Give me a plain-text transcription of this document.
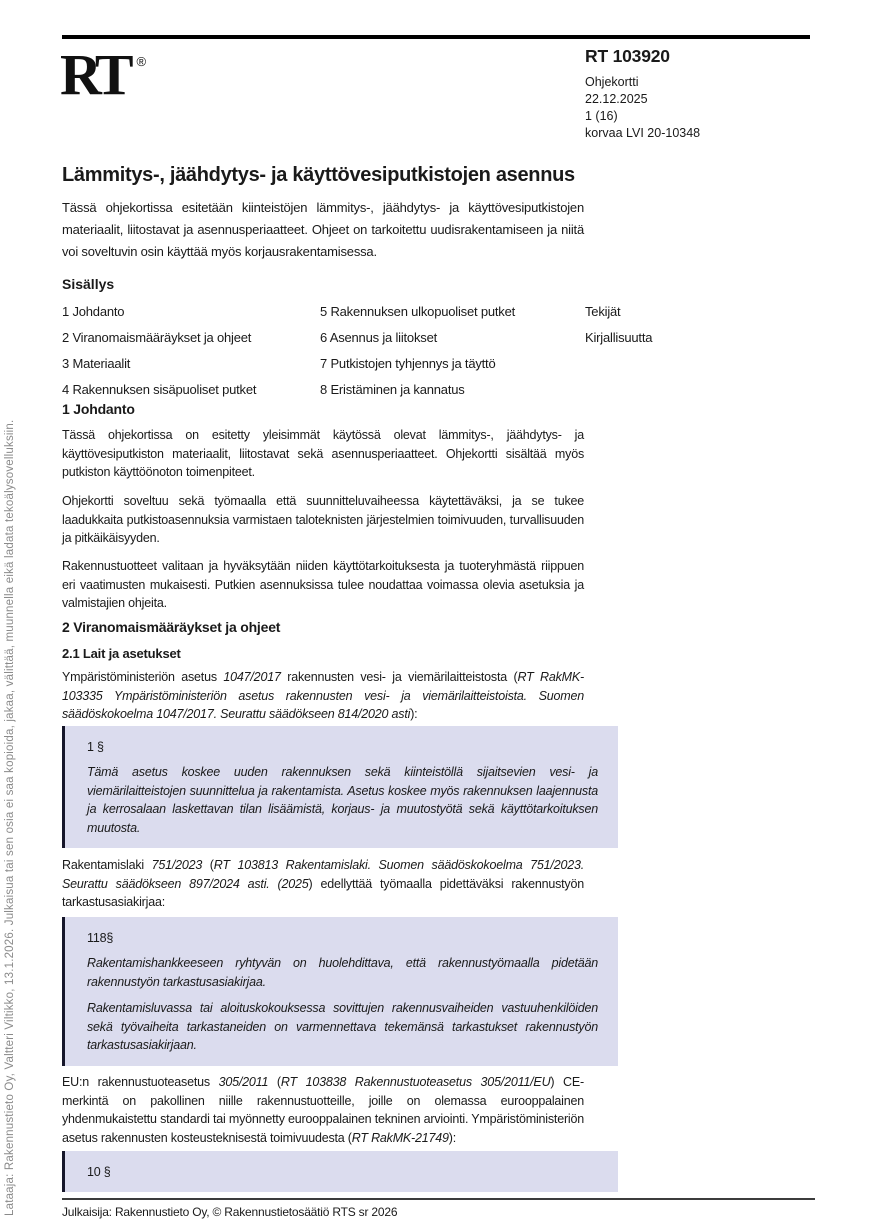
Lataaja: Rakennustieto Oy, Valtteri Viltikko, 13.1.2026. Julkaisua tai sen osia ei saa kopioida, jakaa, välittää, muunnella eikä ladata tekoälysovelluksiin.
RT ®	RT 103920
Ohjekortti
22.12.2025
1 (16)
korvaa LVI 20-10348
Lämmitys-, jäähdytys- ja käyttövesiputkistojen asennus

Tässä ohjekortissa esitetään kiinteistöjen lämmitys-, jäähdytys- ja käyttövesiputkistojen materiaalit, liitostavat ja asennusperiaatteet. Ohjeet on tarkoitettu uudisrakentamiseen ja niitä voi soveltuvin osin käyttää myös korjausrakentamisessa.

Sisällys
1 Johdanto
2 Viranomaismääräykset ja ohjeet
3 Materiaalit
4 Rakennuksen sisäpuoliset putket
5 Rakennuksen ulkopuoliset putket
6 Asennus ja liitokset
7 Putkistojen tyhjennys ja täyttö
8 Eristäminen ja kannatus
Tekijät
Kirjallisuutta
1 Johdanto

Tässä ohjekortissa on esitetty yleisimmät käytössä olevat lämmitys-, jäähdytys- ja käyttövesiputkiston materiaalit, liitostavat sekä asennusperiaatteet. Ohjekortti sisältää myös putkiston käyttöönoton toimenpiteet.

Ohjekortti soveltuu sekä työmaalla että suunnitteluvaiheessa käytettäväksi, ja se tukee laadukkaita putkistoasennuksia varmistaen taloteknisten järjestelmien toimivuuden, turvallisuuden ja pitkäikäisyyden.

Rakennustuotteet valitaan ja hyväksytään niiden käyttötarkoituksesta ja tuoteryhmästä riippuen eri vaatimusten mukaisesti. Putkien asennuksissa tulee noudattaa voimassa olevia asetuksia ja valmistajien ohjeita.

2 Viranomaismääräykset ja ohjeet
2.1 Lait ja asetukset

Ympäristöministeriön asetus 1047/2017 rakennusten vesi- ja viemärilaitteistosta (RT RakMK-103335 Ympäristöministeriön asetus rakennusten vesi- ja viemärilaitteistoista. Suomen säädöskokoelma 1047/2017. Seurattu säädökseen 814/2020 asti):

1 §

Tämä asetus koskee uuden rakennuksen sekä kiinteistöllä sijaitsevien vesi- ja viemärilaitteistojen suunnittelua ja rakentamista. Asetus koskee myös rakennuksen laajennusta ja kerrosalaan laskettavan tilan lisäämistä, korjaus- ja muutostyötä sekä käyttötarkoituksen muutosta.

Rakentamislaki 751/2023 (RT 103813 Rakentamislaki. Suomen säädöskokoelma 751/2023. Seurattu säädökseen 897/2024 asti. (2025) edellyttää työmaalla pidettäväksi rakennustyön tarkastusasiakirjaa:

118§

Rakentamishankkeeseen ryhtyvän on huolehdittava, että rakennustyömaalla pidetään rakennustyön tarkastusasiakirjaa.

Rakentamisluvassa tai aloituskokouksessa sovittujen rakennusvaiheiden vastuuhenkilöiden sekä työvaiheita tarkastaneiden on varmennettava tekemänsä tarkastukset rakennustyön tarkastusasiakirjaan.

EU:n rakennustuoteasetus 305/2011 (RT 103838 Rakennustuoteasetus 305/2011/EU) CE-merkintä on pakollinen niille rakennustuotteille, joille on olemassa eurooppalainen yhdenmukaistettu standardi tai myönnetty eurooppalainen tekninen arviointi. Ympäristöministeriön asetus rakennusten kosteusteknisestä toimivuudesta (RT RakMK-21749):

10 §
Julkaisija: Rakennustieto Oy, © Rakennustietosäätiö RTS sr 2026
